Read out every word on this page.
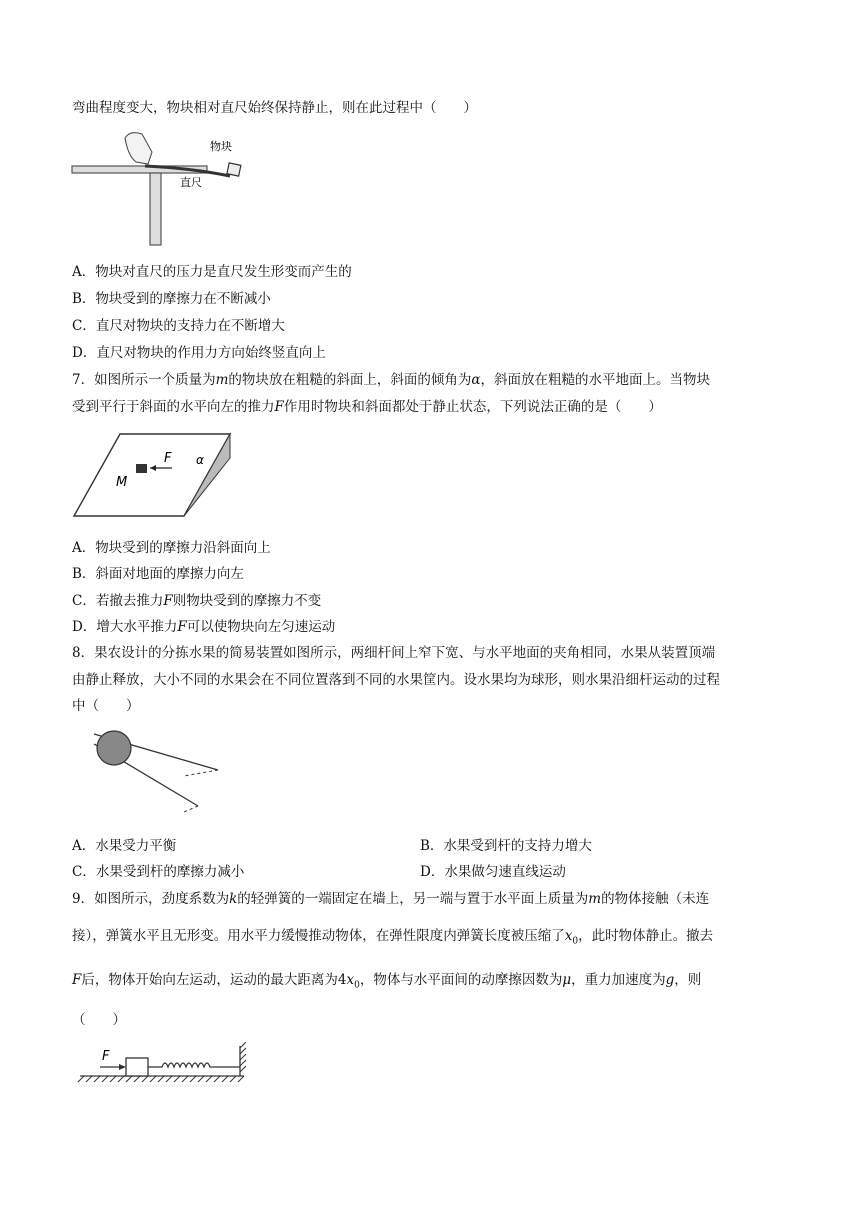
弯曲程度变大，物块相对直尺始终保持静止，则在此过程中（　　）
物块
直尺
A．物块对直尺的压力是直尺发生形变而产生的
B．物块受到的摩擦力在不断减小
C．直尺对物块的支持力在不断增大
D．直尺对物块的作用力方向始终竖直向上
7．如图所示一个质量为m的物块放在粗糙的斜面上，斜面的倾角为α，斜面放在粗糙的水平地面上。当物块
受到平行于斜面的水平向左的推力F作用时物块和斜面都处于静止状态，下列说法正确的是（　　）
F
M
α
A．物块受到的摩擦力沿斜面向上
B．斜面对地面的摩擦力向左
C．若撤去推力F则物块受到的摩擦力不变
D．增大水平推力F可以使物块向左匀速运动
8．果农设计的分拣水果的简易装置如图所示，两细杆间上窄下宽、与水平地面的夹角相同，水果从装置顶端
由静止释放，大小不同的水果会在不同位置落到不同的水果筐内。设水果均为球形，则水果沿细杆运动的过程
中（　　）
A．水果受力平衡	B．水果受到杆的支持力增大
C．水果受到杆的摩擦力减小	D．水果做匀速直线运动
9．如图所示，劲度系数为k的轻弹簧的一端固定在墙上，另一端与置于水平面上质量为m的物体接触（未连
接），弹簧水平且无形变。用水平力缓慢推动物体，在弹性限度内弹簧长度被压缩了$x_0$，此时物体静止。撤去
F后，物体开始向左运动，运动的最大距离为$4x_0$，物体与水平面间的动摩擦因数为μ，重力加速度为g，则
（　　）
F
